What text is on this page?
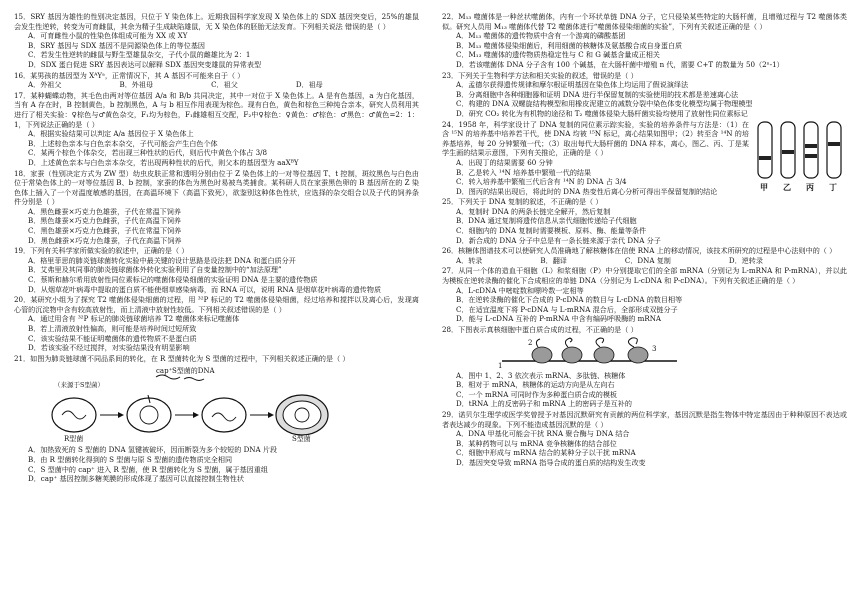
15．SRY 基因为雄性的性别决定基因，只位于 Y 染色体上。近期我国科学家发现 X 染色体上的 SDX 基因突变后，25%的雄鼠会发生性逆转，转变为可育雌鼠，其余为精子生成缺陷雄鼠，无 X 染色体的胚胎无法发育。下列相关说法 错误的是（ ）
A．可育雌性小鼠的性染色体组成可能为 XX 或 XY
B．SRY 基因与 SDX 基因不是同源染色体上的等位基因
C．若发生性逆转的雌鼠与野生型雄鼠杂交，子代小鼠的雌雄比为 2：1
D．SDX 蛋白促进 SRY 基因表达可以解释 SDX 基因突变雄鼠的异常表型
16．某男孩的基因型为 XᴬYᵃ，正常情况下，其 A 基因不可能来自于（ ）
A．外祖父	B．外祖母	C．祖父	D．祖母
17．某种蝴蝶动物，其毛色由两对等位基因 A/a 和 B/b 共同决定，其中一对位于 X 染色体上。A 是有色基因，a 为白化基因，当有 A 存在时，B 控制黄色，b 控制黑色，A 与 b 相互作用表现为棕色。现有白色，黄色和棕色三种纯合亲本，研究人员利用其进行了相关实验：♀棕色与♂黄色杂交，F₁均为棕色，F₁雌雄相互交配，F₂中♀棕色：♀黄色：♂棕色：♂黑色：♂黄色=2：1：1，下列说法正确的是（ ）
A．根据实验结果可以判定 A/a 基因位于 X 染色体上
B．上述棕色亲本与白色亲本杂交，子代可能会产生白色个体
C．某两个棕色个体杂交，若出现三种性状的后代，则后代中黄色个体占 3/8
D．上述黄色亲本与白色亲本杂交，若出现两种性状的后代，则父本的基因型为 aaXᴮY
18．家蚕（性别决定方式为 ZW 型）幼虫皮肤正常和透明分别由位于 Z 染色体上的一对等位基因 T、t 控制，斑纹黑色与白色由位于常染色体上的一对等位基因 B、b 控制，家蚕的体色为黑色时易被鸟类捕食。某科研人员在家蚕黑色卵的 B 基因所在的 Z 染色体上插入了一个对温度敏感的基因，在高温环境下（高温下致死），欲鉴别这种体色性状，应选择的杂交组合以及子代的饲养条件分别是（ ）
A．黑色雌蚕×巧克力色雄蚕，子代在常温下饲养
B．黑色雄蚕×巧克力色雌蚕，子代在高温下饲养
C．黑色雄蚕×巧克力色雌蚕，子代在常温下饲养
D．黑色雌蚕×巧克力色雄蚕，子代在高温下饲养
19．下列有关科学家所做实验的叙述中，正确的是（ ）
A．格里菲思的肺炎链球菌转化实验中最关键的设计思路是设法把 DNA 和蛋白质分开
B．艾弗里及其同事的肺炎链球菌体外转化实验利用了自变量控制中的“加法原理”
C．蔡斯和赫尔希用放射性同位素标记的噬菌体侵染细菌的实验证明 DNA 是主要的遗传物质
D．从烟草花叶病毒中提取的蛋白质不能使烟草感染病毒，而 RNA 可以，说明 RNA 是烟草花叶病毒的遗传物质
20．某研究小组为了探究 T2 噬菌体侵染细菌的过程，用 ³²P 标记的 T2 噬菌体侵染细菌，经过培养和搅拌以及离心后，发现离心管的沉淀物中含有较高放射性，而上清液中放射性较低。下列相关叙述错误的是（ ）
A．通过用含有 ³²P 标记的肺炎链球菌培养 T2 噬菌体来标记噬菌体
B．若上清液放射性偏高，则可能是培养时间过短所致
C．该实验结果不能证明噬菌体的遗传物质不是蛋白质
D．若该实验不经过搅拌，对实验结果没有明显影响
21．如图为肺炎链球菌不同品系间的转化，在 R 型菌转化为 S 型菌的过程中，下列相关叙述正确的是（ ）
cap⁺ S型菌的DNA
（来源于S型菌）
R型菌	S型菌
A．加热致死的 S 型菌的 DNA 氢键被破坏，因而断裂为多个较短的 DNA 片段
B．由 R 型菌转化得到的 S 型菌与原 S 型菌的遗传物质完全相同
C．S 型菌中的 cap⁺ 进入 R 型菌，使 R 型菌转化为 S 型菌，属于基因重组
D．cap⁺ 基因控制多糖荚膜的形成体现了基因可以直接控制生物性状
22．M₁₃ 噬菌体是一种丝状噬菌体，内有一个环状单链 DNA 分子，它只侵染某些特定的大肠杆菌，且增殖过程与 T2 噬菌体类似。研究人员用 M₁₃ 噬菌体代替 T2 噬菌体进行“噬菌体侵染细菌的实验”，下列有关叙述正确的是（ ）
A．M₁₃ 噬菌体的遗传物质中含有一个游离的磷酸基团
B．M₁₃ 噬菌体侵染细菌后，利用细菌的核糖体及氨基酸合成自身蛋白质
C．M₁₃ 噬菌体的遗传物质热稳定性与 C 和 G 碱基含量成正相关
D．若该噬菌体 DNA 分子含有 100 个碱基，在大肠杆菌中增殖 n 代，需要 C+T 的数量为 50（2ⁿ-1）
23．下列关于生物科学方法和相关实验的叙述，错误的是（ ）
A．孟德尔获得遗传规律和摩尔根证明基因在染色体上均运用了假说演绎法
B．分离细胞中各种细胞器和证明 DNA 进行半保留复制的实验使用的技术都是差速离心法
C．构建的 DNA 双螺旋结构模型和用橡皮泥建立的减数分裂中染色体变化模型均属于物理模型
D．研究 CO₂ 转化为有机物的途径和 T₂ 噬菌体侵染大肠杆菌实验均使用了放射性同位素标记
甲 乙 丙 丁
24．1958 年，科学家设计了 DNA 复制的同位素示踪实验，实验的培养条件与方法是：（1）在含 ¹⁵N 的培养基中培养若干代，使 DNA 均被 ¹⁵N 标记，离心结果如图甲；（2）转至含 ¹⁴N 的培养基培养，每 20 分钟繁殖一代；（3）取出每代大肠杆菌的 DNA 样本，离心，图乙、丙、丁是某学生画的结果示意图，下列有关推论，正确的是（ ）
A．出现丁的结果需要 60 分钟
B．乙是转入 ¹⁴N 培养基中繁殖一代的结果
C．转入培养基中繁殖三代后含有 ¹⁴N 的 DNA 占 3/4
D．图丙的结果出现后，将此时的 DNA 热变性后离心分析可得出半保留复制的结论
25．下列关于 DNA 复制的叙述，不正确的是（ ）
A．复制时 DNA 的两条长链完全解开，然后复制
B．DNA 通过复制将遗传信息从亲代细胞传递给子代细胞
C．细胞内的 DNA 复制时需要模板、原料、酶、能量等条件
D．新合成的 DNA 分子中总是有一条长链来源于亲代 DNA 分子
26．核糖体图谱技术可以使研究人员准确地了解核糖体在信使 RNA 上的移动情况，该技术所研究的过程是中心法则中的（ ）
A．转录	B．翻译	C．DNA 复制	D．逆转录
27．从同一个体的造血干细胞（L）和浆细胞（P）中分别提取它们的全部 mRNA（分别记为 L-mRNA 和 P-mRNA），并以此为模板在逆转录酶的催化下合成相应的单链 DNA（分别记为 L-cDNA 和 P-cDNA）。下列有关叙述正确的是（ ）
A．L-cDNA 中嘧啶数和嘌呤数一定相等
B．在逆转录酶的催化下合成的 P-cDNA 的数目与 L-cDNA 的数目相等
C．在适宜温度下将 P-cDNA 与 L-mRNA 混合后，全部形成双链分子
D．能与 L-cDNA 互补的 P-mRNA 中含有编码呼吸酶的 mRNA
28．下图表示真核细胞中蛋白质合成的过程，不正确的是（ ）
1
2
3
A．图中 1、2、3 依次表示 mRNA、多肽链、核糖体
B．相对于 mRNA，核糖体的运动方向是从左向右
C．一个 mRNA 可同时作为多种蛋白质合成的模板
D．tRNA 上的反密码子和 mRNA 上的密码子是互补的
29．诺贝尔生理学或医学奖曾授予对基因沉默研究有贡献的两位科学家，基因沉默是指生物体中特定基因由于种种原因不表达或者表达减少的现象。下列不能造成基因沉默的是（ ）
A．DNA 甲基化可能会干扰 RNA 聚合酶与 DNA 结合
B．某种药物可以与 mRNA 竞争核糖体的结合部位
C．细胞中形成与 mRNA 结合的某种分子以干扰 mRNA
D．基因突变导致 mRNA 指导合成的蛋白质的结构发生改变
